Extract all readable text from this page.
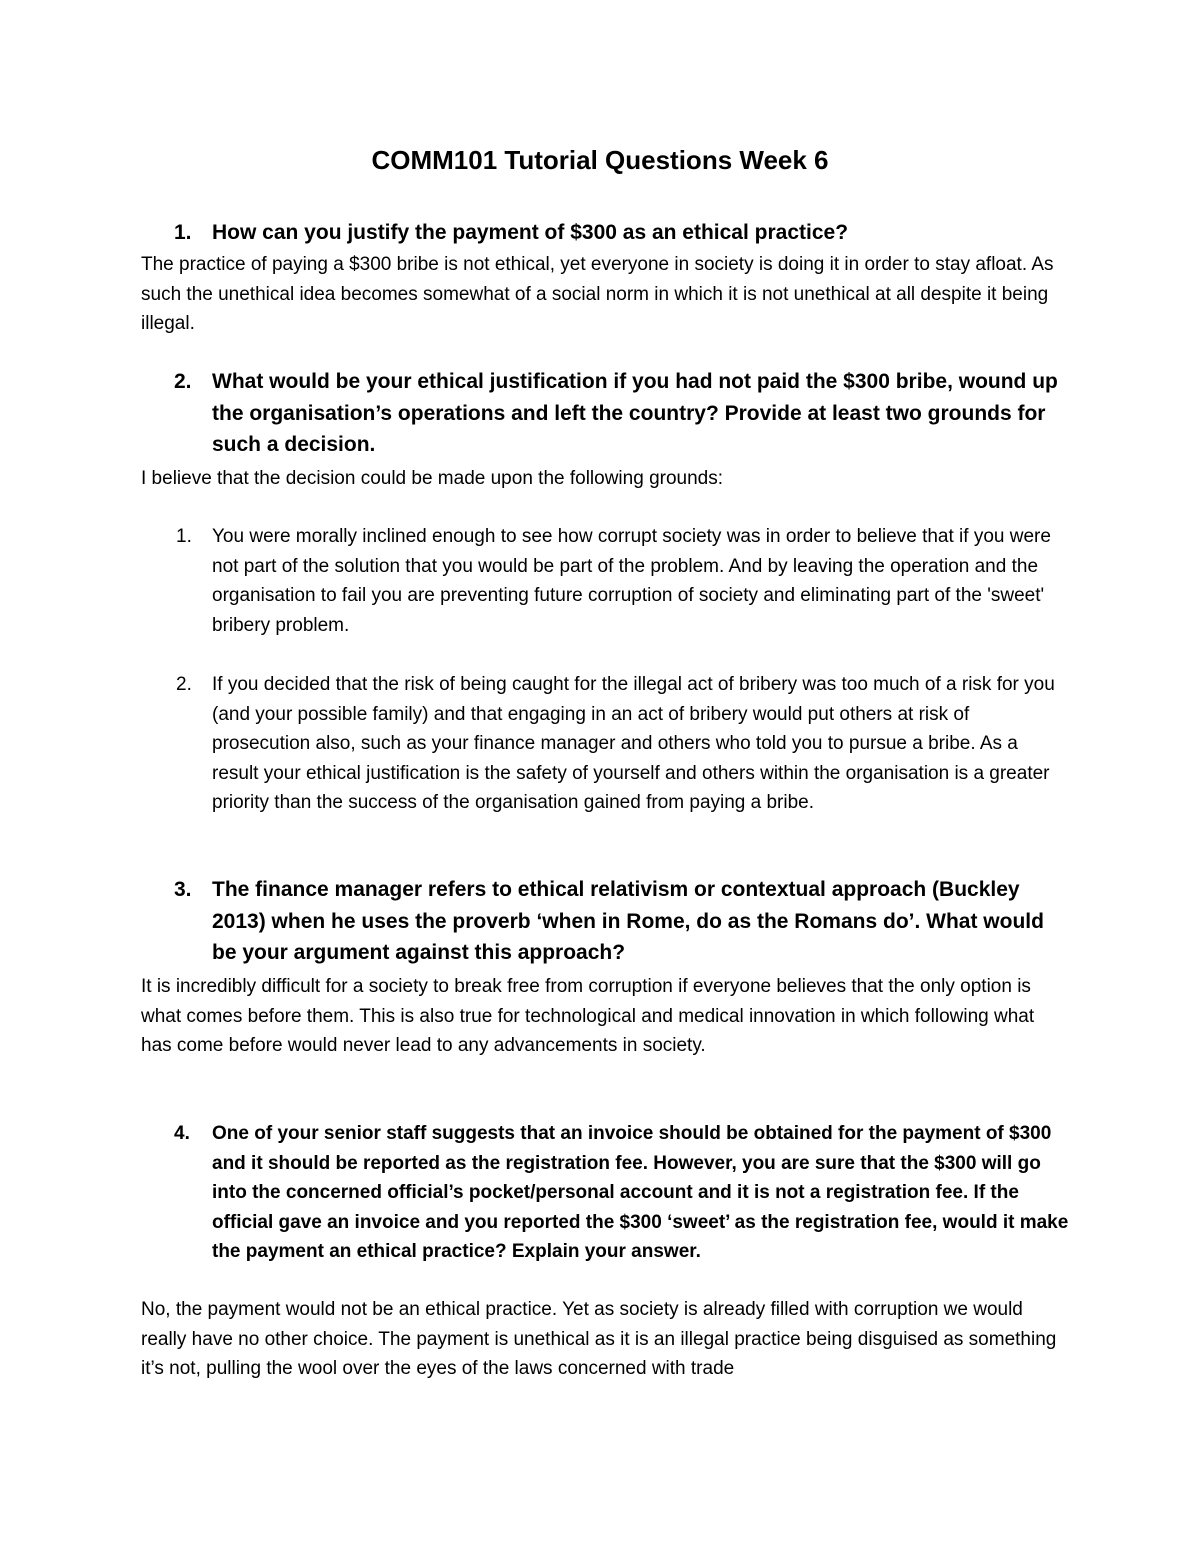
COMM101 Tutorial Questions Week 6
1. How can you justify the payment of $300 as an ethical practice?

The practice of paying a $300 bribe is not ethical, yet everyone in society is doing it in order to stay afloat. As such the unethical idea becomes somewhat of a social norm in which it is not unethical at all despite it being illegal.

2. What would be your ethical justification if you had not paid the $300 bribe, wound up the organisation’s operations and left the country? Provide at least two grounds for such a decision.

I believe that the decision could be made upon the following grounds:

1. You were morally inclined enough to see how corrupt society was in order to believe that if you were not part of the solution that you would be part of the problem. And by leaving the operation and the organisation to fail you are preventing future corruption of society and eliminating part of the 'sweet' bribery problem.
2. If you decided that the risk of being caught for the illegal act of bribery was too much of a risk for you (and your possible family) and that engaging in an act of bribery would put others at risk of prosecution also, such as your finance manager and others who told you to pursue a bribe. As a result your ethical justification is the safety of yourself and others within the organisation is a greater priority than the success of the organisation gained from paying a bribe.
3. The finance manager refers to ethical relativism or contextual approach (Buckley 2013) when he uses the proverb ‘when in Rome, do as the Romans do’. What would be your argument against this approach?

It is incredibly difficult for a society to break free from corruption if everyone believes that the only option is what comes before them. This is also true for technological and medical innovation in which following what has come before would never lead to any advancements in society.

4. One of your senior staff suggests that an invoice should be obtained for the payment of $300 and it should be reported as the registration fee. However, you are sure that the $300 will go into the concerned official’s pocket/personal account and it is not a registration fee. If the official gave an invoice and you reported the $300 ‘sweet’ as the registration fee, would it make the payment an ethical practice? Explain your answer.

No, the payment would not be an ethical practice. Yet as society is already filled with corruption we would really have no other choice. The payment is unethical as it is an illegal practice being disguised as something it’s not, pulling the wool over the eyes of the laws concerned with trade
